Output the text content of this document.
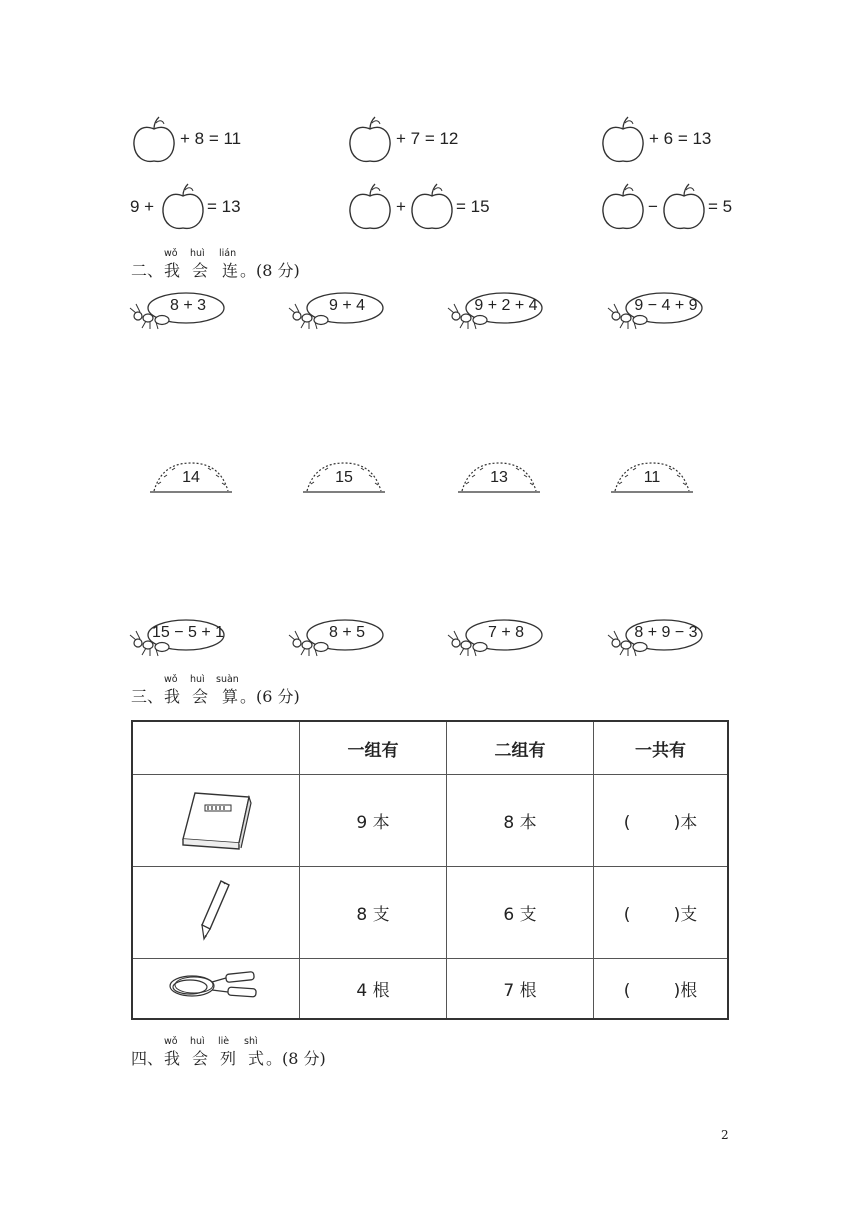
+ 8 = 11	+ 7 = 12	+ 6 = 13
9 +	= 13	+	= 15	−	= 5
wǒ huì lián
二、 我 会 连 。(8 分)
8 + 3	9 + 4	9 + 2 + 4	9 − 4 + 9
14	15	13	11
15 − 5 + 1	8 + 5	7 + 8	8 + 9 − 3
wǒ huì suàn
三、 我 会 算 。(6 分)
	一组有	二组有	一共有
	9 本	8 本	(        )本
	8 支	6 支	(        )支
	4 根	7 根	(        )根
wǒ huì liè shì
四、 我 会 列 式 。(8 分)
2
